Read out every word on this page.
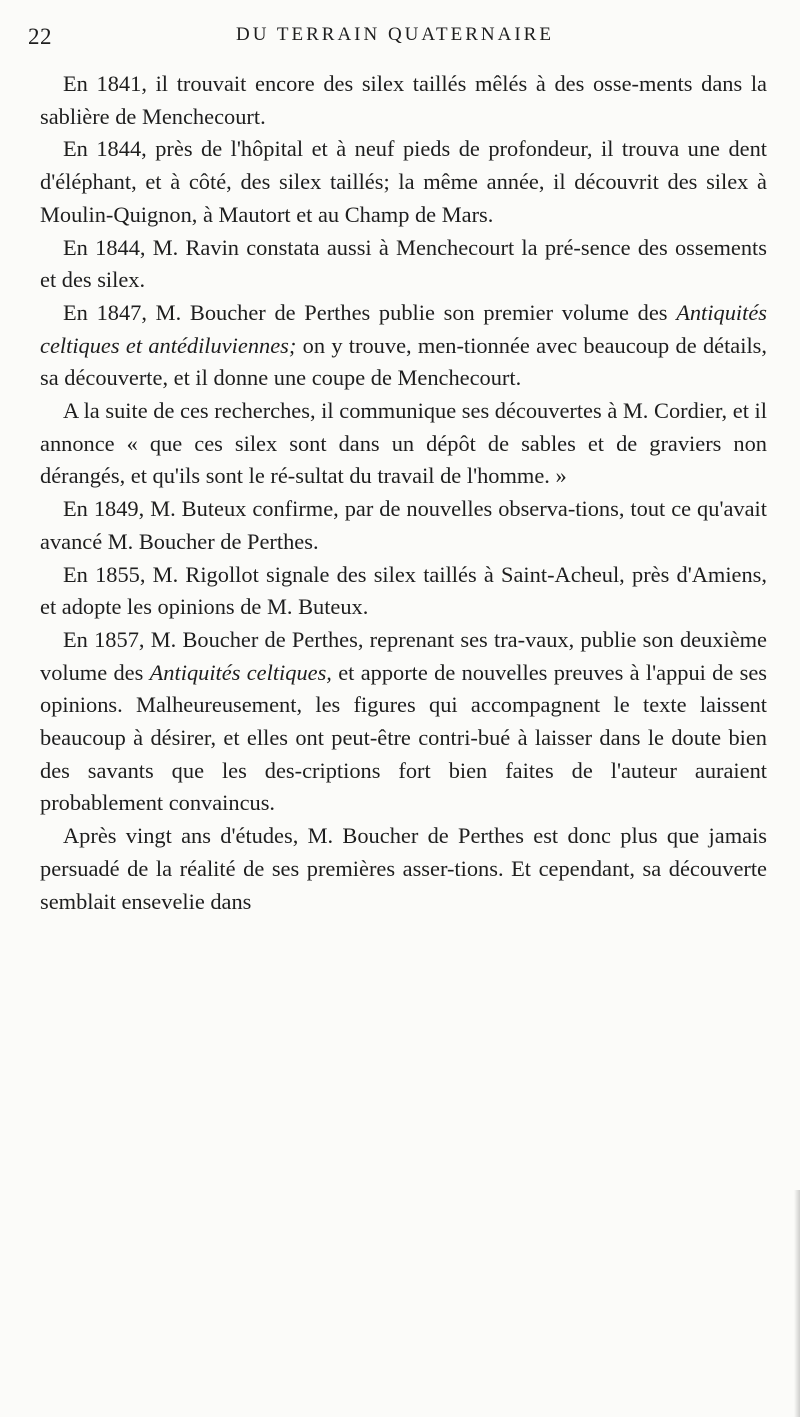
22	DU TERRAIN QUATERNAIRE

En 1841, il trouvait encore des silex taillés mêlés à des osse-ments dans la sablière de Menchecourt.

En 1844, près de l'hôpital et à neuf pieds de profondeur, il trouva une dent d'éléphant, et à côté, des silex taillés; la même année, il découvrit des silex à Moulin-Quignon, à Mautort et au Champ de Mars.

En 1844, M. Ravin constata aussi à Menchecourt la pré-sence des ossements et des silex.

En 1847, M. Boucher de Perthes publie son premier volume des Antiquités celtiques et antédiluviennes; on y trouve, men-tionnée avec beaucoup de détails, sa découverte, et il donne une coupe de Menchecourt.

A la suite de ces recherches, il communique ses découvertes à M. Cordier, et il annonce « que ces silex sont dans un dépôt de sables et de graviers non dérangés, et qu'ils sont le ré-sultat du travail de l'homme. »

En 1849, M. Buteux confirme, par de nouvelles observa-tions, tout ce qu'avait avancé M. Boucher de Perthes.

En 1855, M. Rigollot signale des silex taillés à Saint-Acheul, près d'Amiens, et adopte les opinions de M. Buteux.

En 1857, M. Boucher de Perthes, reprenant ses tra-vaux, publie son deuxième volume des Antiquités celtiques, et apporte de nouvelles preuves à l'appui de ses opinions. Malheureusement, les figures qui accompagnent le texte laissent beaucoup à désirer, et elles ont peut-être contri-bué à laisser dans le doute bien des savants que les des-criptions fort bien faites de l'auteur auraient probablement convaincus.

Après vingt ans d'études, M. Boucher de Perthes est donc plus que jamais persuadé de la réalité de ses premières asser-tions. Et cependant, sa découverte semblait ensevelie dans
